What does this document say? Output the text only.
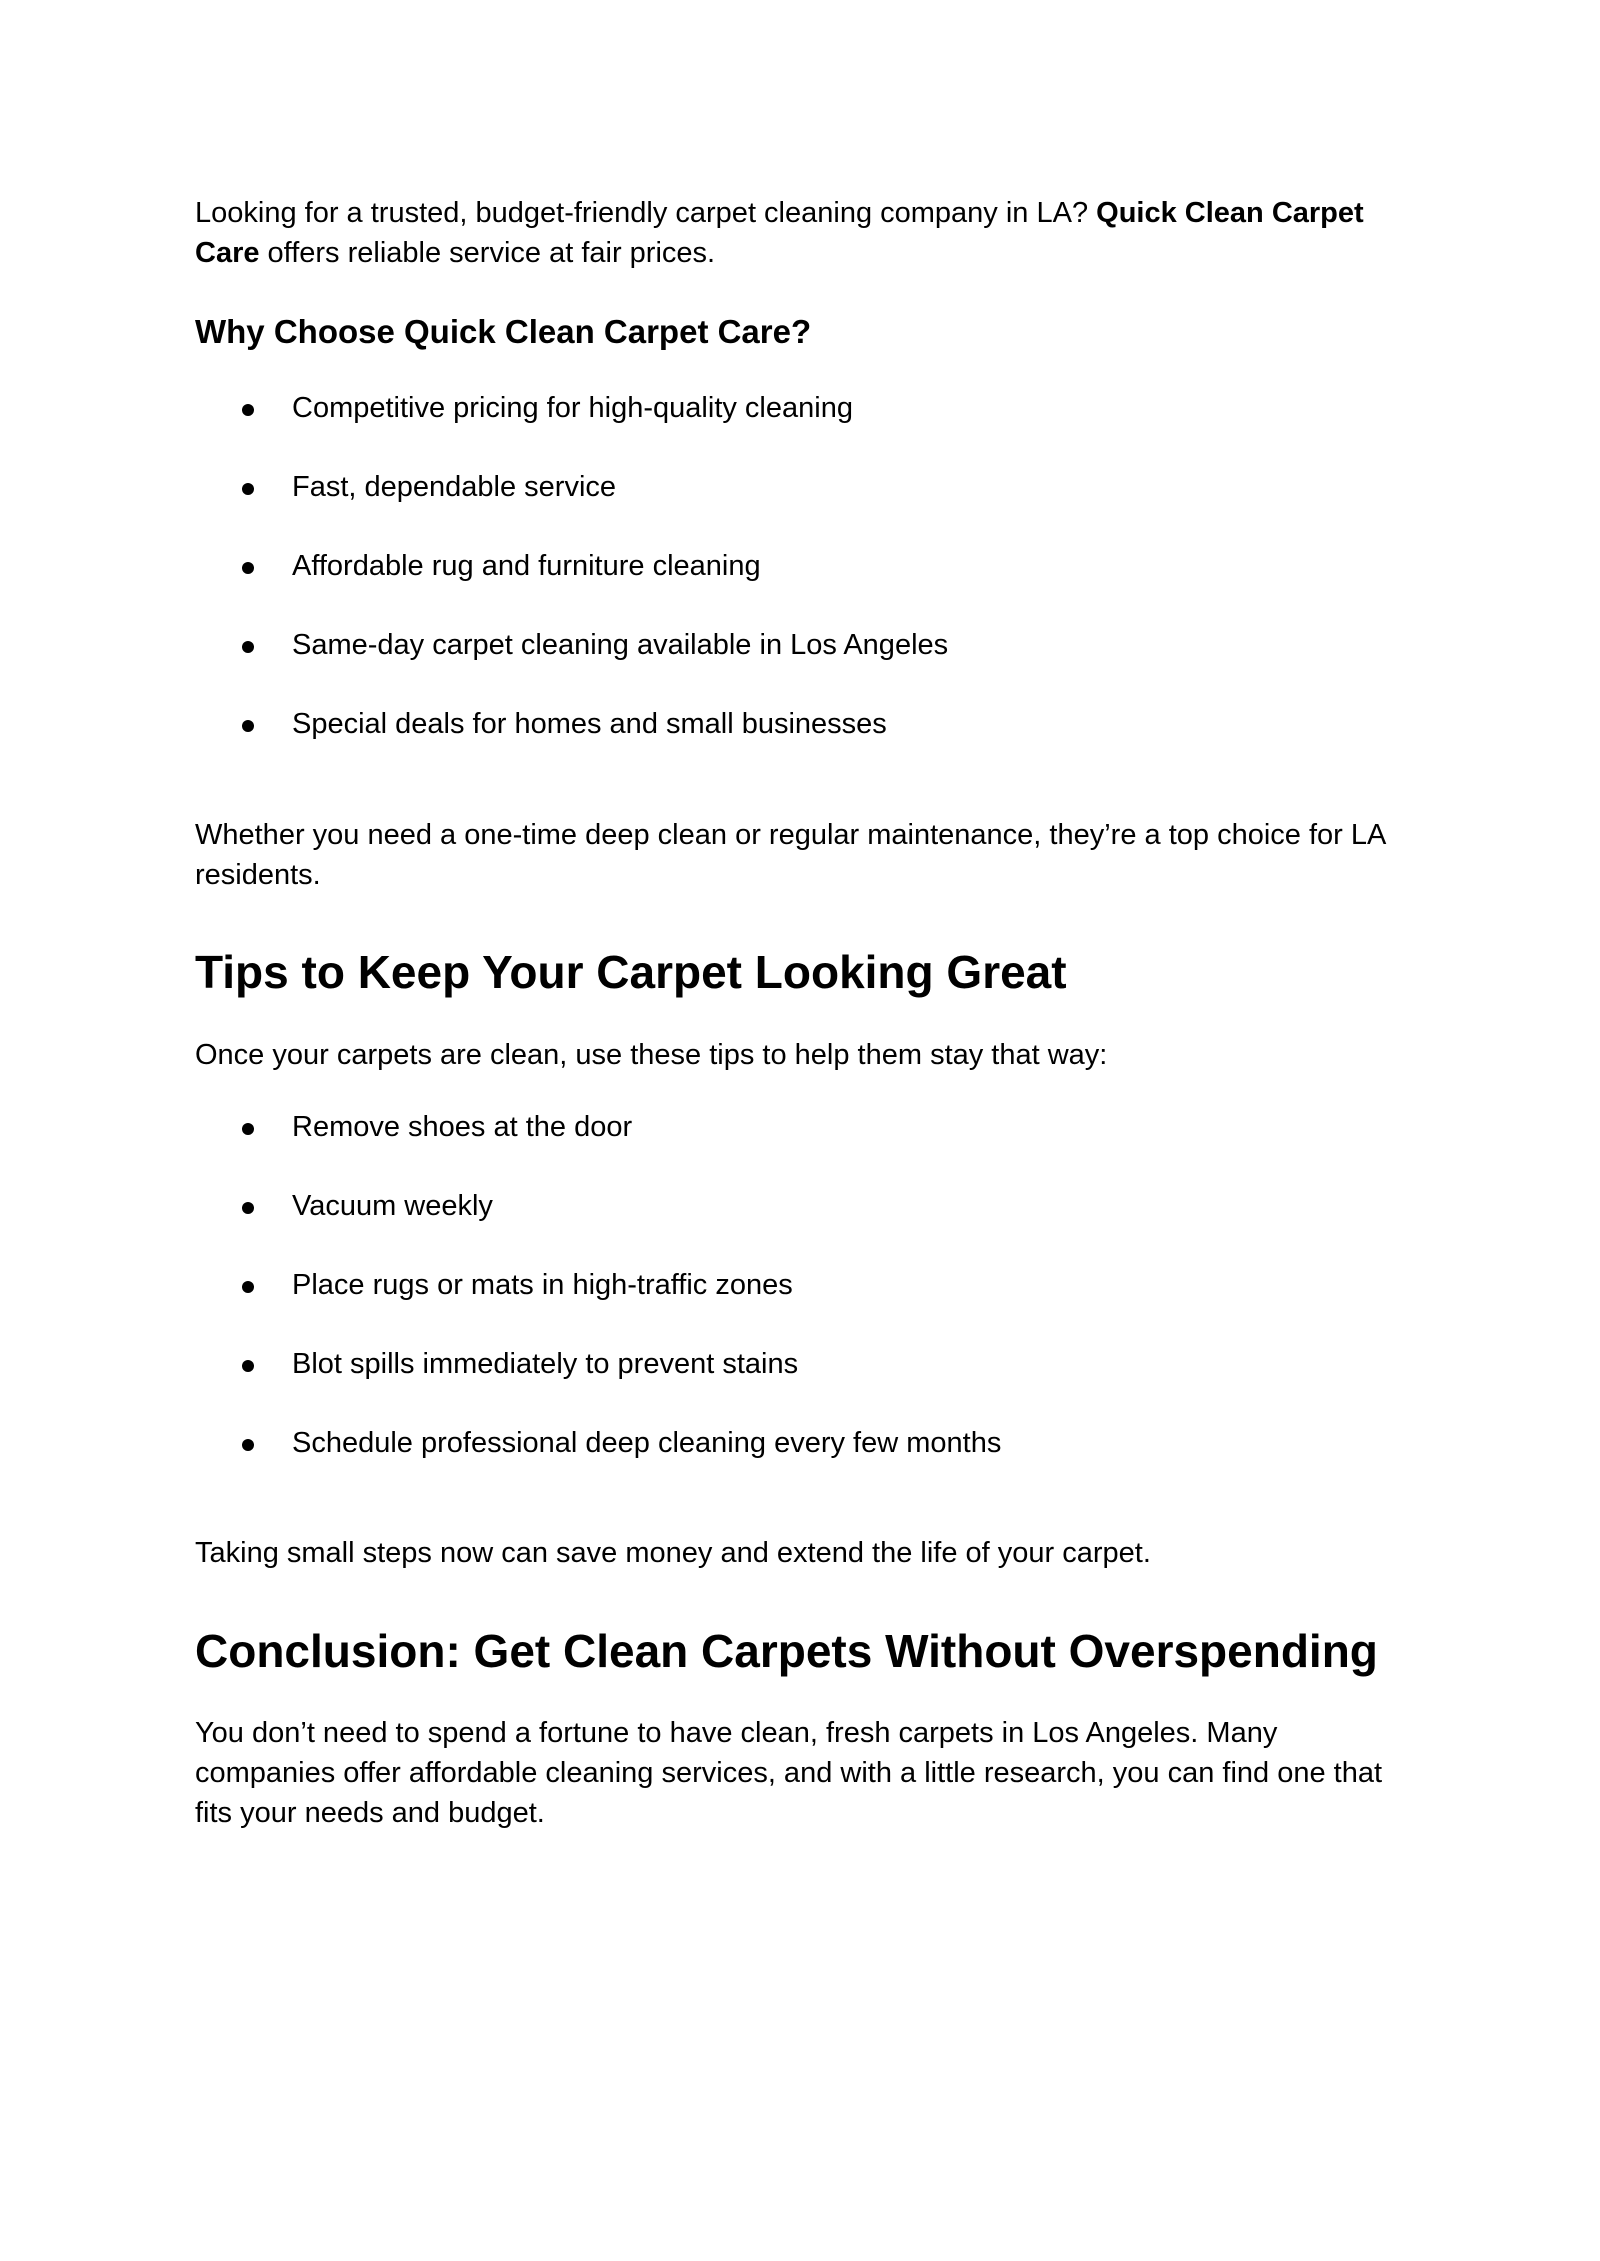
Looking for a trusted, budget-friendly carpet cleaning company in LA? Quick Clean Carpet Care offers reliable service at fair prices.

Why Choose Quick Clean Carpet Care?
Competitive pricing for high-quality cleaning
Fast, dependable service
Affordable rug and furniture cleaning
Same-day carpet cleaning available in Los Angeles
Special deals for homes and small businesses

Whether you need a one-time deep clean or regular maintenance, they’re a top choice for LA residents.

Tips to Keep Your Carpet Looking Great

Once your carpets are clean, use these tips to help them stay that way:

Remove shoes at the door
Vacuum weekly
Place rugs or mats in high-traffic zones
Blot spills immediately to prevent stains
Schedule professional deep cleaning every few months

Taking small steps now can save money and extend the life of your carpet.

Conclusion: Get Clean Carpets Without Overspending

You don’t need to spend a fortune to have clean, fresh carpets in Los Angeles. Many companies offer affordable cleaning services, and with a little research, you can find one that fits your needs and budget.
